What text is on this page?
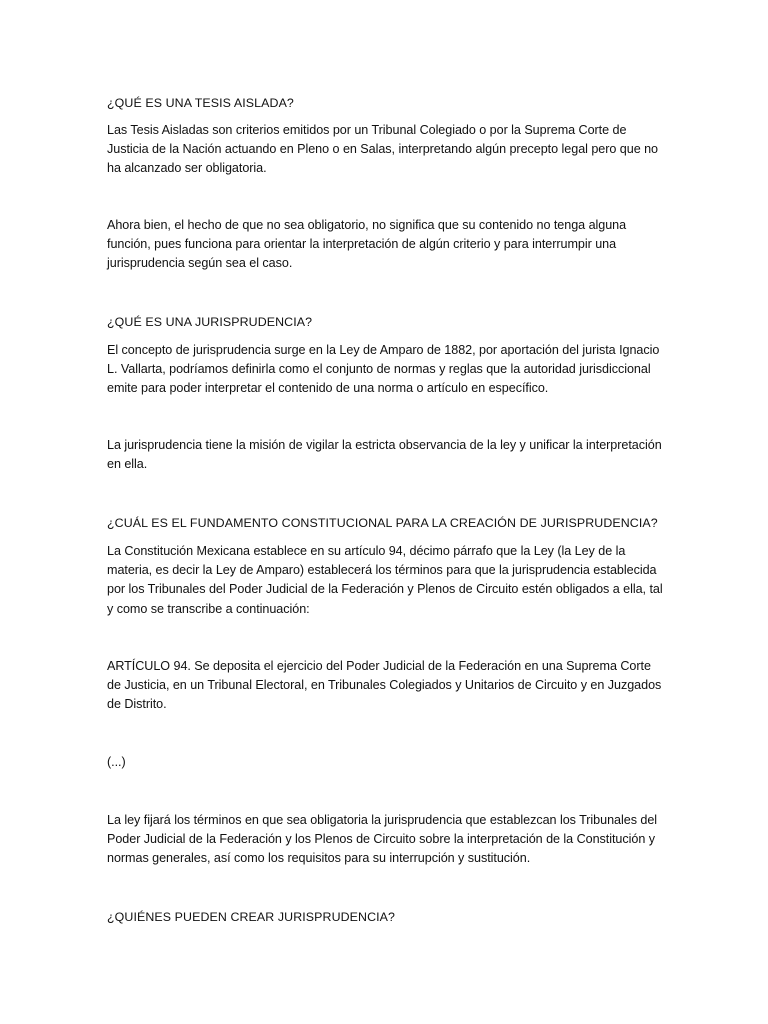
¿QUÉ ES UNA TESIS AISLADA?
Las Tesis Aisladas son criterios emitidos por un Tribunal Colegiado o por la Suprema Corte de Justicia de la Nación actuando en Pleno o en Salas, interpretando algún precepto legal pero que no ha alcanzado ser obligatoria.
Ahora bien, el hecho de que no sea obligatorio, no significa que su contenido no tenga alguna función, pues funciona para orientar la interpretación de algún criterio y para interrumpir una jurisprudencia según sea el caso.
¿QUÉ ES UNA JURISPRUDENCIA?
El concepto de jurisprudencia surge en la Ley de Amparo de 1882, por aportación del jurista Ignacio L. Vallarta, podríamos definirla como el conjunto de normas y reglas que la autoridad jurisdiccional emite para poder interpretar el contenido de una norma o artículo en específico.
La jurisprudencia tiene la misión de vigilar la estricta observancia de la ley y unificar la interpretación en ella.
¿CUÁL ES EL FUNDAMENTO CONSTITUCIONAL PARA LA CREACIÓN DE JURISPRUDENCIA?
La Constitución Mexicana establece en su artículo 94, décimo párrafo que la Ley (la Ley de la materia, es decir la Ley de Amparo) establecerá los términos para que la jurisprudencia establecida por los Tribunales del Poder Judicial de la Federación y Plenos de Circuito estén obligados a ella, tal y como se transcribe a continuación:
ARTÍCULO 94. Se deposita el ejercicio del Poder Judicial de la Federación en una Suprema Corte de Justicia, en un Tribunal Electoral, en Tribunales Colegiados y Unitarios de Circuito y en Juzgados de Distrito.
(...)
La ley fijará los términos en que sea obligatoria la jurisprudencia que establezcan los Tribunales del Poder Judicial de la Federación y los Plenos de Circuito sobre la interpretación de la Constitución y normas generales, así como los requisitos para su interrupción y sustitución.
¿QUIÉNES PUEDEN CREAR JURISPRUDENCIA?
